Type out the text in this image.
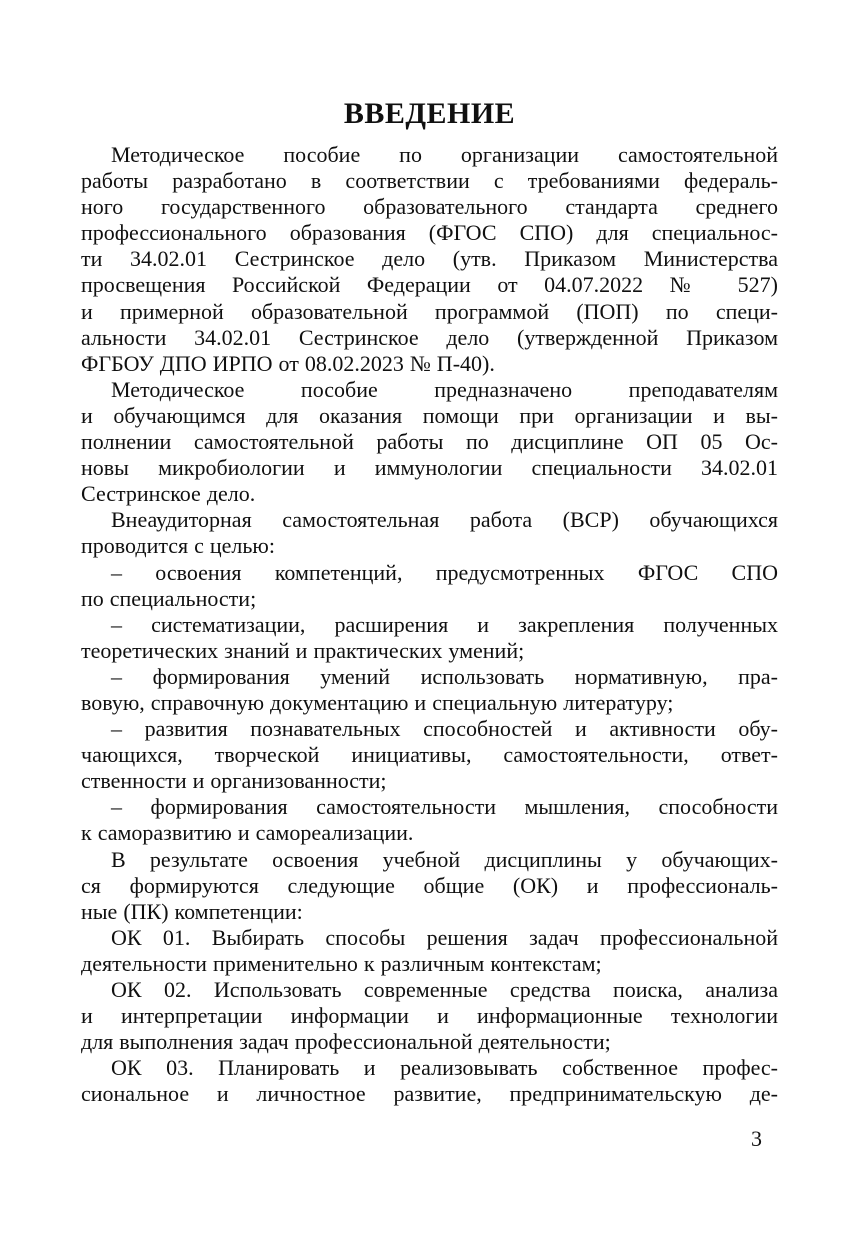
ВВЕДЕНИЕ
Методическое пособие по организации самостоятельной
работы разработано в соответствии с требованиями федераль-
ного государственного образовательного стандарта среднего
профессионального образования (ФГОС СПО) для специальнос-
ти 34.02.01 Сестринское дело (утв. Приказом Министерства
просвещения Российской Федерации от 04.07.2022 № 527)
и примерной образовательной программой (ПОП) по специ-
альности 34.02.01 Сестринское дело (утвержденной Приказом
ФГБОУ ДПО ИРПО от 08.02.2023 № П-40).
Методическое пособие предназначено преподавателям
и обучающимся для оказания помощи при организации и вы-
полнении самостоятельной работы по дисциплине ОП 05 Ос-
новы микробиологии и иммунологии специальности 34.02.01
Сестринское дело.
Внеаудиторная самостоятельная работа (ВСР) обучающихся
проводится с целью:
– освоения компетенций, предусмотренных ФГОС СПО
по специальности;
– систематизации, расширения и закрепления полученных
теоретических знаний и практических умений;
– формирования умений использовать нормативную, пра-
вовую, справочную документацию и специальную литературу;
– развития познавательных способностей и активности обу-
чающихся, творческой инициативы, самостоятельности, ответ-
ственности и организованности;
– формирования самостоятельности мышления, способности
к саморазвитию и самореализации.
В результате освоения учебной дисциплины у обучающих-
ся формируются следующие общие (ОК) и профессиональ-
ные (ПК) компетенции:
ОК 01. Выбирать способы решения задач профессиональной
деятельности применительно к различным контекстам;
ОК 02. Использовать современные средства поиска, анализа
и интерпретации информации и информационные технологии
для выполнения задач профессиональной деятельности;
ОК 03. Планировать и реализовывать собственное профес-
сиональное и личностное развитие, предпринимательскую де-
3
